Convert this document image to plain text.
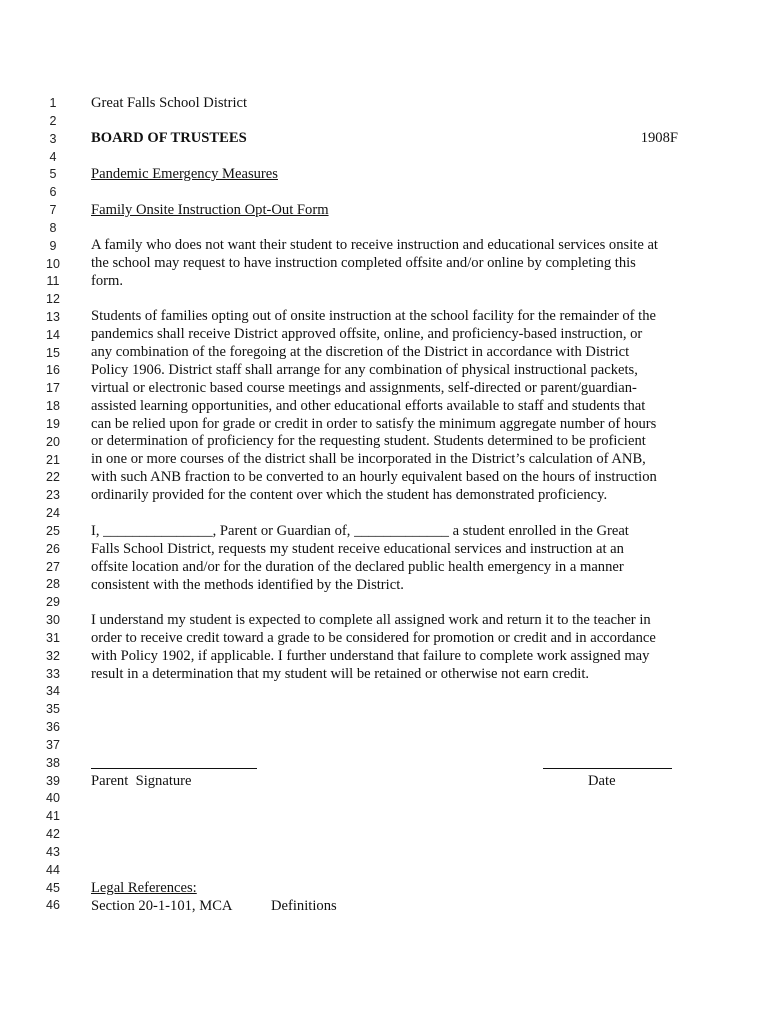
1
2
3
4
5
6
7
8
9
10
11
12
13
14
15
16
17
18
19
20
21
22
23
24
25
26
27
28
29
30
31
32
33
34
35
36
37
38
39
40
41
42
43
44
45
46
Great Falls School District
BOARD OF TRUSTEES	1908F
Pandemic Emergency Measures
Family Onsite Instruction Opt-Out Form
A family who does not want their student to receive instruction and educational services onsite at
the school may request to have instruction completed offsite and/or online by completing this
form.
Students of families opting out of onsite instruction at the school facility for the remainder of the
pandemics shall receive District approved offsite, online, and proficiency-based instruction, or
any combination of the foregoing at the discretion of the District in accordance with District
Policy 1906. District staff shall arrange for any combination of physical instructional packets,
virtual or electronic based course meetings and assignments, self-directed or parent/guardian-
assisted learning opportunities, and other educational efforts available to staff and students that
can be relied upon for grade or credit in order to satisfy the minimum aggregate number of hours
or determination of proficiency for the requesting student. Students determined to be proficient
in one or more courses of the district shall be incorporated in the District’s calculation of ANB,
with such ANB fraction to be converted to an hourly equivalent based on the hours of instruction
ordinarily provided for the content over which the student has demonstrated proficiency.
I, _______________, Parent or Guardian of, _____________ a student enrolled in the Great
Falls School District, requests my student receive educational services and instruction at an
offsite location and/or for the duration of the declared public health emergency in a manner
consistent with the methods identified by the District.
I understand my student is expected to complete all assigned work and return it to the teacher in
order to receive credit toward a grade to be considered for promotion or credit and in accordance
with Policy 1902, if applicable. I further understand that failure to complete work assigned may
result in a determination that my student will be retained or otherwise not earn credit.
Parent  Signature	Date
Legal References:
Section 20-1-101, MCA	Definitions
